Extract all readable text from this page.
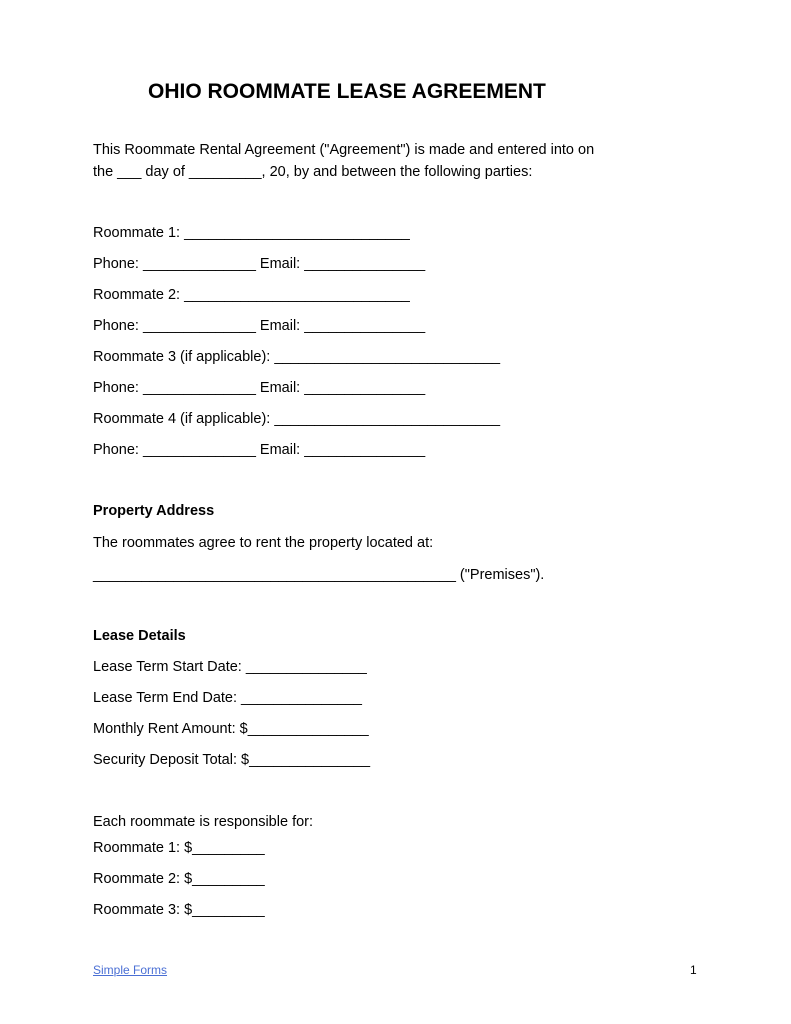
OHIO ROOMMATE LEASE AGREEMENT
This Roommate Rental Agreement ("Agreement") is made and entered into on
the ___ day of _________, 20, by and between the following parties:
Roommate 1: ____________________________
Phone: ______________ Email: _______________
Roommate 2: ____________________________
Phone: ______________ Email: _______________
Roommate 3 (if applicable): ____________________________
Phone: ______________ Email: _______________
Roommate 4 (if applicable): ____________________________
Phone: ______________ Email: _______________
Property Address
The roommates agree to rent the property located at:
_____________________________________________ ("Premises").
Lease Details
Lease Term Start Date: _______________
Lease Term End Date: _______________
Monthly Rent Amount: $_______________
Security Deposit Total: $_______________
Each roommate is responsible for:
Roommate 1: $_________
Roommate 2: $_________
Roommate 3: $_________
Simple Forms	1
